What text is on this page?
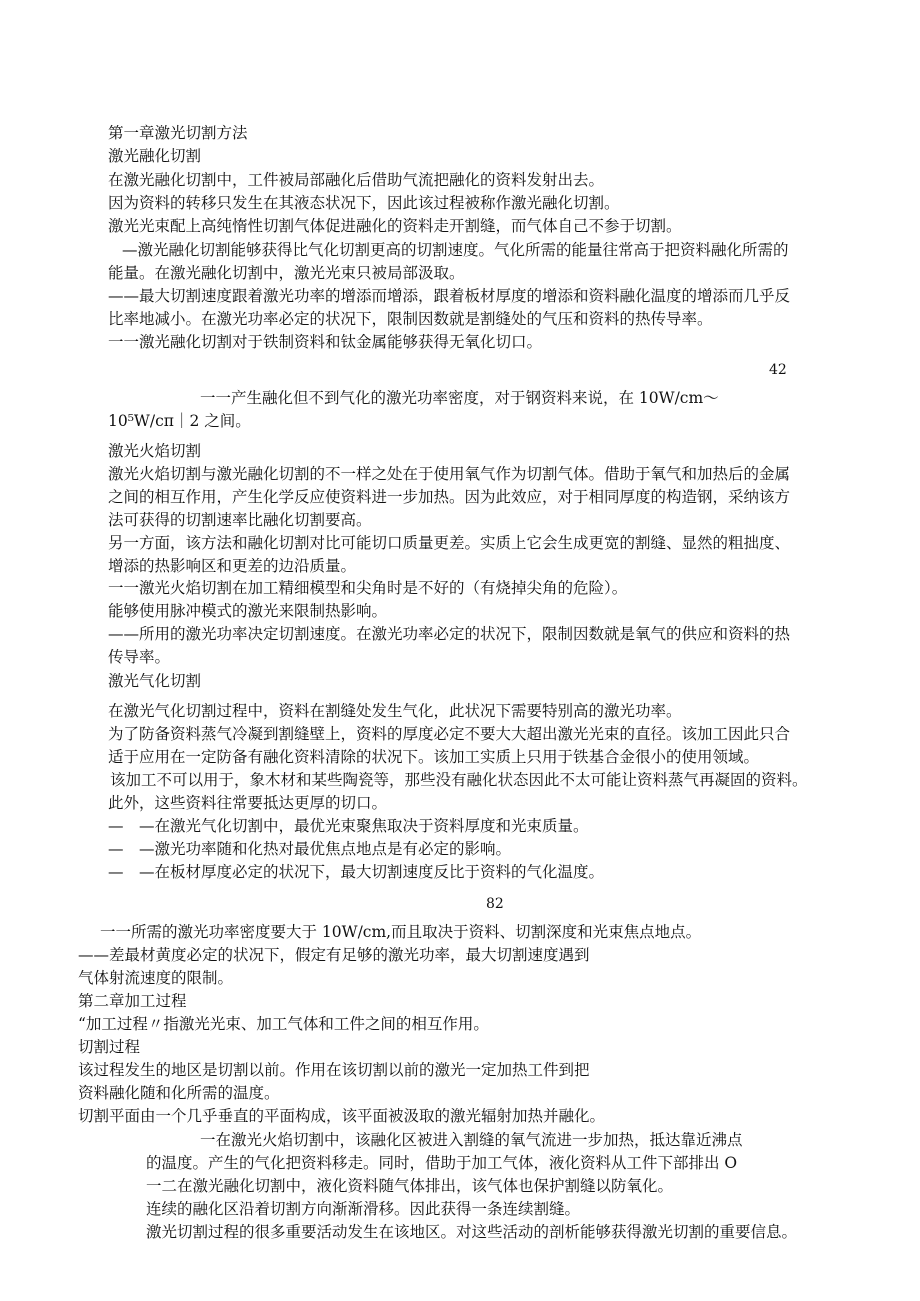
第一章激光切割方法
激光融化切割
在激光融化切割中，工件被局部融化后借助气流把融化的资料发射出去。
因为资料的转移只发生在其液态状况下，因此该过程被称作激光融化切割。
激光光束配上高纯惰性切割气体促进融化的资料走开割缝，而气体自己不参于切割。
—激光融化切割能够获得比气化切割更高的切割速度。气化所需的能量往常高于把资料融化所需的
能量。在激光融化切割中，激光光束只被局部汲取。
——最大切割速度跟着激光功率的增添而增添，跟着板材厚度的增添和资料融化温度的增添而几乎反
比率地减小。在激光功率必定的状况下，限制因数就是割缝处的气压和资料的热传导率。
一一激光融化切割对于铁制资料和钛金属能够获得无氧化切口。
42
一一产生融化但不到气化的激光功率密度，对于钢资料来说，在 10W/cm～
10⁵W/cπ｜2 之间。
激光火焰切割
激光火焰切割与激光融化切割的不一样之处在于使用氧气作为切割气体。借助于氧气和加热后的金属
之间的相互作用，产生化学反应使资料进一步加热。因为此效应，对于相同厚度的构造钢，采纳该方
法可获得的切割速率比融化切割要高。
另一方面，该方法和融化切割对比可能切口质量更差。实质上它会生成更宽的割缝、显然的粗拙度、
增添的热影响区和更差的边沿质量。
一一激光火焰切割在加工精细模型和尖角时是不好的（有烧掉尖角的危险）。
能够使用脉冲模式的激光来限制热影响。
——所用的激光功率决定切割速度。在激光功率必定的状况下，限制因数就是氧气的供应和资料的热
传导率。
激光气化切割
在激光气化切割过程中，资料在割缝处发生气化，此状况下需要特别高的激光功率。
为了防备资料蒸气冷凝到割缝壁上，资料的厚度必定不要大大超出激光光束的直径。该加工因此只合
适于应用在一定防备有融化资料清除的状况下。该加工实质上只用于铁基合金很小的使用领域。
该加工不可以用于，象木材和某些陶瓷等，那些没有融化状态因此不太可能让资料蒸气再凝固的资料。
此外，这些资料往常要抵达更厚的切口。
—　—在激光气化切割中，最优光束聚焦取决于资料厚度和光束质量。
—　—激光功率随和化热对最优焦点地点是有必定的影响。
—　—在板材厚度必定的状况下，最大切割速度反比于资料的气化温度。
82
一一所需的激光功率密度要大于 10W/cm,而且取决于资料、切割深度和光束焦点地点。
——差最材黄度必定的状况下，假定有足够的激光功率，最大切割速度遇到
气体射流速度的限制。
第二章加工过程
“加工过程〃指激光光束、加工气体和工件之间的相互作用。
切割过程
该过程发生的地区是切割以前。作用在该切割以前的激光一定加热工件到把
资料融化随和化所需的温度。
切割平面由一个几乎垂直的平面构成，该平面被汲取的激光辐射加热并融化。
一在激光火焰切割中，该融化区被进入割缝的氧气流进一步加热，抵达靠近沸点
的温度。产生的气化把资料移走。同时，借助于加工气体，液化资料从工件下部排出 O
一二在激光融化切割中，液化资料随气体排出，该气体也保护割缝以防氧化。
连续的融化区沿着切割方向渐渐滑移。因此获得一条连续割缝。
激光切割过程的很多重要活动发生在该地区。对这些活动的剖析能够获得激光切割的重要信息。
